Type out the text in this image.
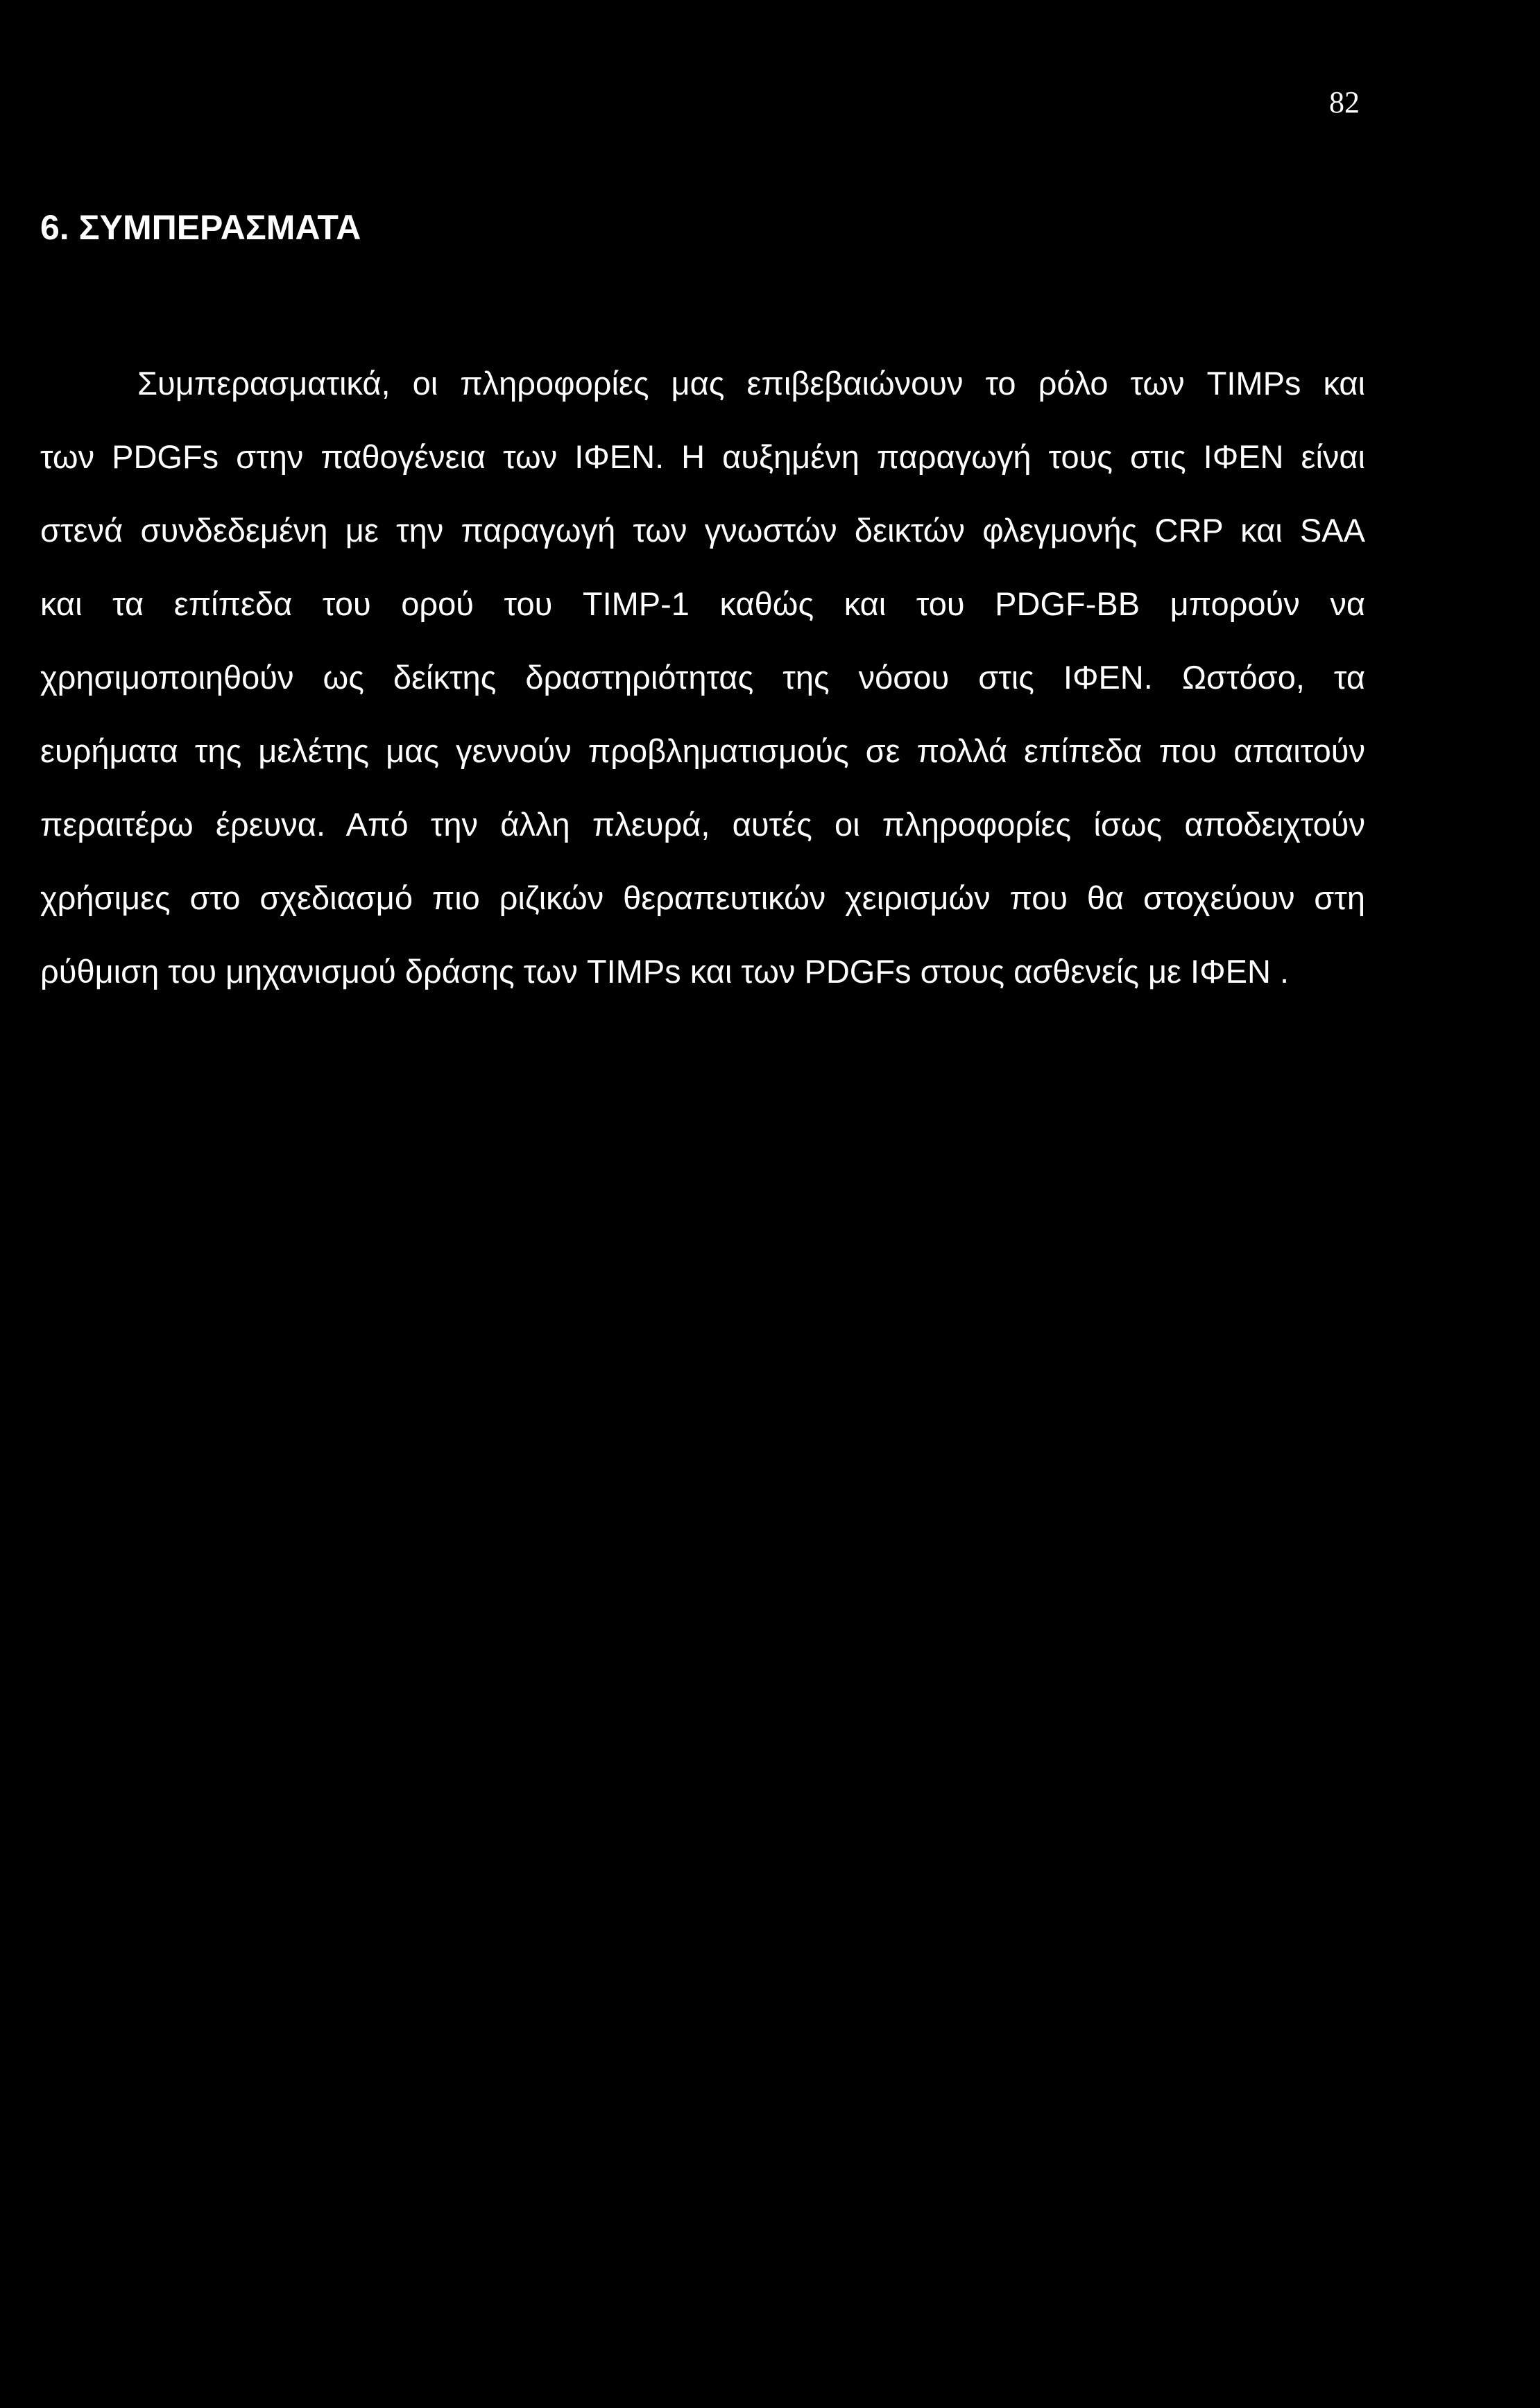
82
6. ΣΥΜΠΕΡΑΣΜΑΤΑ
Συμπερασματικά, οι πληροφορίες μας επιβεβαιώνουν το ρόλο των TIMPs και
των PDGFs στην παθογένεια των ΙΦΕΝ. Η αυξημένη παραγωγή τους στις ΙΦΕΝ είναι
στενά συνδεδεμένη με την παραγωγή των γνωστών δεικτών φλεγμονής CRP και SAA
και τα επίπεδα του ορού του TIMP-1 καθώς και του PDGF-BB μπορούν να
χρησιμοποιηθούν ως δείκτης δραστηριότητας της νόσου στις ΙΦΕΝ. Ωστόσο, τα
ευρήματα της μελέτης μας γεννούν προβληματισμούς σε πολλά επίπεδα που απαιτούν
περαιτέρω έρευνα. Από την άλλη πλευρά, αυτές οι πληροφορίες ίσως αποδειχτούν
χρήσιμες στο σχεδιασμό πιο ριζικών θεραπευτικών χειρισμών που θα στοχεύουν στη
ρύθμιση του μηχανισμού δράσης των TIMPs και των PDGFs στους ασθενείς με ΙΦΕΝ .
